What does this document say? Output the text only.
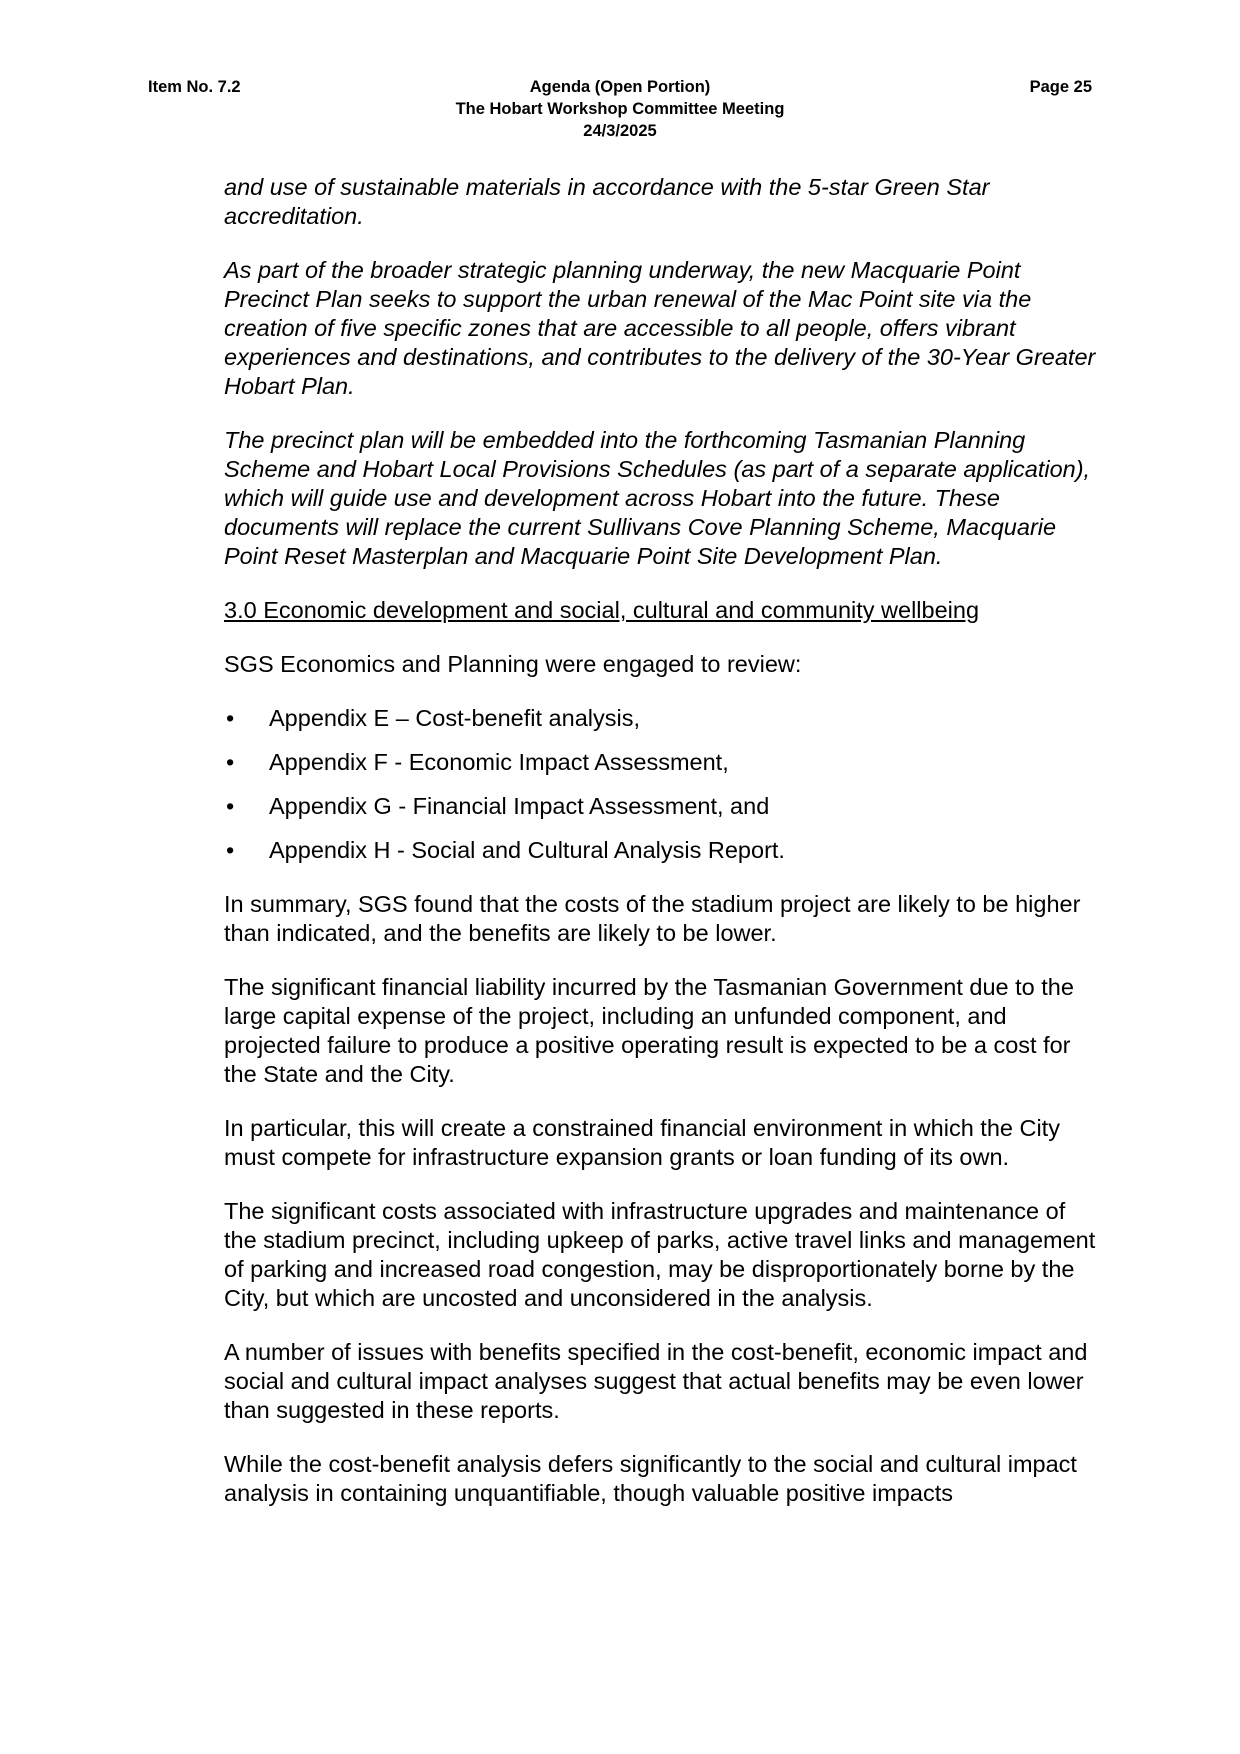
Item No. 7.2	Agenda (Open Portion)
The Hobart Workshop Committee Meeting
24/3/2025
Page 25

and use of sustainable materials in accordance with the 5-star Green Star accreditation.

As part of the broader strategic planning underway, the new Macquarie Point Precinct Plan seeks to support the urban renewal of the Mac Point site via the creation of five specific zones that are accessible to all people, offers vibrant experiences and destinations, and contributes to the delivery of the 30-Year Greater Hobart Plan.

The precinct plan will be embedded into the forthcoming Tasmanian Planning Scheme and Hobart Local Provisions Schedules (as part of a separate application), which will guide use and development across Hobart into the future. These documents will replace the current Sullivans Cove Planning Scheme, Macquarie Point Reset Masterplan and Macquarie Point Site Development Plan.

3.0 Economic development and social, cultural and community wellbeing

SGS Economics and Planning were engaged to review:

• Appendix E – Cost-benefit analysis,
• Appendix F - Economic Impact Assessment,
• Appendix G - Financial Impact Assessment, and
• Appendix H - Social and Cultural Analysis Report.

In summary, SGS found that the costs of the stadium project are likely to be higher than indicated, and the benefits are likely to be lower.

The significant financial liability incurred by the Tasmanian Government due to the large capital expense of the project, including an unfunded component, and projected failure to produce a positive operating result is expected to be a cost for the State and the City.

In particular, this will create a constrained financial environment in which the City must compete for infrastructure expansion grants or loan funding of its own.

The significant costs associated with infrastructure upgrades and maintenance of the stadium precinct, including upkeep of parks, active travel links and management of parking and increased road congestion, may be disproportionately borne by the City, but which are uncosted and unconsidered in the analysis.

A number of issues with benefits specified in the cost-benefit, economic impact and social and cultural impact analyses suggest that actual benefits may be even lower than suggested in these reports.

While the cost-benefit analysis defers significantly to the social and cultural impact analysis in containing unquantifiable, though valuable positive impacts
